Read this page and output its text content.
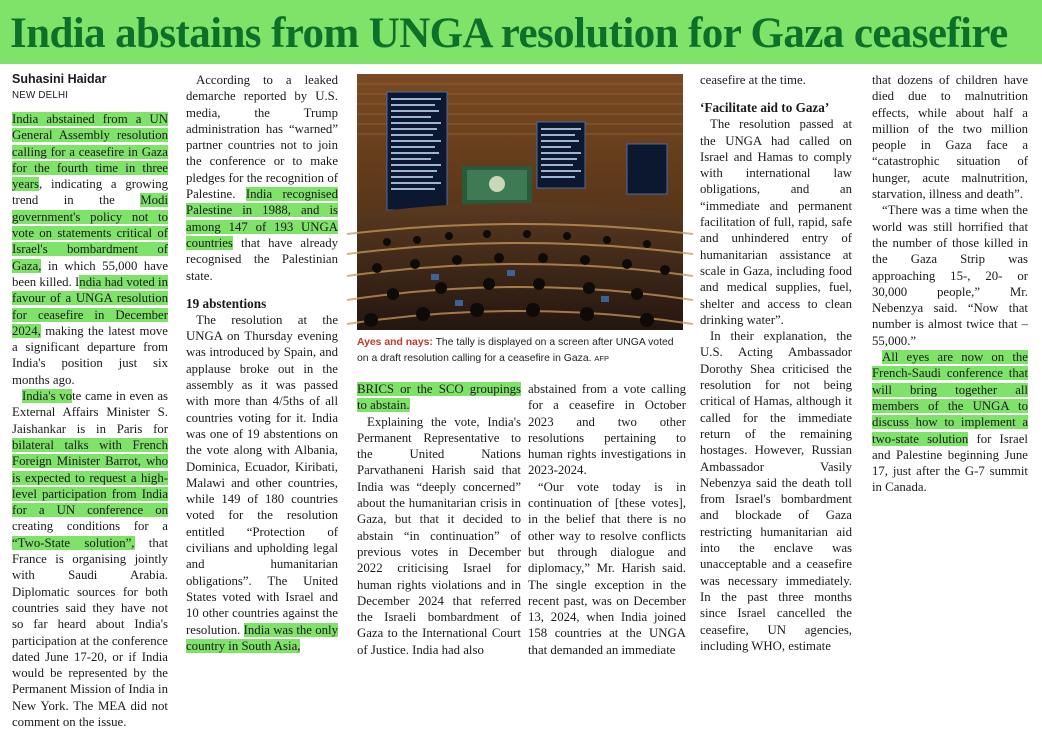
India abstains from UNGA resolution for Gaza ceasefire
Suhasini Haidar
NEW DELHI

India abstained from a UN General Assembly resolution calling for a ceasefire in Gaza for the fourth time in three years, indicating a growing trend in the Modi government's policy not to vote on statements critical of Israel's bombardment of Gaza, in which 55,000 have been killed. India had voted in favour of a UNGA resolution for ceasefire in December 2024, making the latest move a significant departure from India's position just six months ago.

India's vote came in even as External Affairs Minister S. Jaishankar is in Paris for bilateral talks with French Foreign Minister Barrot, who is expected to request a high-level participation from India for a UN conference on creating conditions for a “Two-State solution”, that France is organising jointly with Saudi Arabia. Diplomatic sources for both countries said they have not so far heard about India's participation at the conference dated June 17-20, or if India would be represented by the Permanent Mission of India in New York. The MEA did not comment on the issue.

According to a leaked demarche reported by U.S. media, the Trump administration has “warned” partner countries not to join the conference or to make pledges for the recognition of Palestine. India recognised Palestine in 1988, and is among 147 of 193 UNGA countries that have already recognised the Palestinian state.

19 abstentions

The resolution at the UNGA on Thursday evening was introduced by Spain, and applause broke out in the assembly as it was passed with more than 4/5ths of all countries voting for it. India was one of 19 abstentions on the vote along with Albania, Dominica, Ecuador, Kiribati, Malawi and other countries, while 149 of 180 countries voted for the resolution entitled “Protection of civilians and upholding legal and humanitarian obligations”. The United States voted with Israel and 10 other countries against the resolution. India was the only country in South Asia,

Ayes and nays: The tally is displayed on a screen after UNGA voted on a draft resolution calling for a ceasefire in Gaza. AFP

BRICS or the SCO groupings to abstain.

Explaining the vote, India's Permanent Representative to the United Nations Parvathaneni Harish said that India was “deeply concerned” about the humanitarian crisis in Gaza, but that it decided to abstain “in continuation” of previous votes in December 2022 criticising Israel for human rights violations and in December 2024 that referred the Israeli bombardment of Gaza to the International Court of Justice. India had also

abstained from a vote calling for a ceasefire in October 2023 and two other resolutions pertaining to human rights investigations in 2023-2024.

“Our vote today is in continuation of [these votes], in the belief that there is no other way to resolve conflicts but through dialogue and diplomacy,” Mr. Harish said. The single exception in the recent past, was on December 13, 2024, when India joined 158 countries at the UNGA that demanded an immediate

ceasefire at the time.

‘Facilitate aid to Gaza’

The resolution passed at the UNGA had called on Israel and Hamas to comply with international law obligations, and an “immediate and permanent facilitation of full, rapid, safe and unhindered entry of humanitarian assistance at scale in Gaza, including food and medical supplies, fuel, shelter and access to clean drinking water”.

In their explanation, the U.S. Acting Ambassador Dorothy Shea criticised the resolution for not being critical of Hamas, although it called for the immediate return of the remaining hostages. However, Russian Ambassador Vasily Nebenzya said the death toll from Israel's bombardment and blockade of Gaza restricting humanitarian aid into the enclave was unacceptable and a ceasefire was necessary immediately. In the past three months since Israel cancelled the ceasefire, UN agencies, including WHO, estimate

that dozens of children have died due to malnutrition effects, while about half a million of the two million people in Gaza face a “catastrophic situation of hunger, acute malnutrition, starvation, illness and death”.

“There was a time when the world was still horrified that the number of those killed in the Gaza Strip was approaching 15-, 20- or 30,000 people,” Mr. Nebenzya said. “Now that number is almost twice that – 55,000.”

All eyes are now on the French-Saudi conference that will bring together all members of the UNGA to discuss how to implement a two-state solution for Israel and Palestine beginning June 17, just after the G-7 summit in Canada.
